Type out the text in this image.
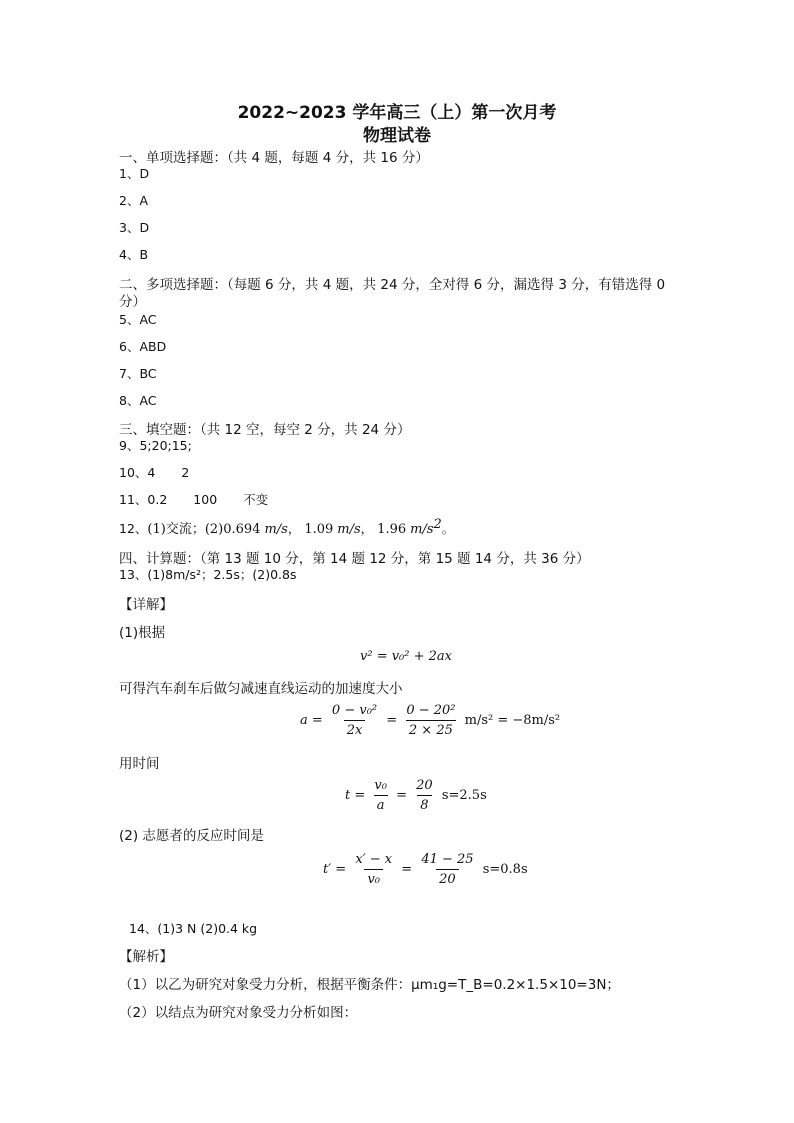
2022~2023 学年高三（上）第一次月考
物理试卷
一、单项选择题：（共 4 题，每题 4 分，共 16 分）
1、D
2、A
3、D
4、B
二、多项选择题：（每题 6 分，共 4 题，共 24 分，全对得 6 分，漏选得 3 分，有错选得 0
分）
5、AC
6、ABD
7、BC
8、AC
三、填空题：（共 12 空，每空 2 分，共 24 分）
9、5;20;15;
10、4 2
11、0.2 100 不变
12、(1)交流；(2)0.694 m/s， 1.09 m/s， 1.96 $m/s^2$。
四、计算题：（第 13 题 10 分，第 14 题 12 分，第 15 题 14 分，共 36 分）
13、(1)8m/s²；2.5s；(2)0.8s
【详解】
(1)根据
v² = v₀² + 2ax
可得汽车刹车后做匀减速直线运动的加速度大小
$a = \frac{\text{0 − v₀²}}{2x} = \frac{\text{0 − 20²}}{2 \times 25} m/s^2 = -8m/s^2$
用时间
$t = \frac{\text{v₀}}{a} = \frac{20}{8} s=2.5s$
(2) 志愿者的反应时间是
$t' = \frac{x' - x}{\text{v₀}} = \frac{41 - 25}{20} s=0.8s$
14、(1)3 N (2)0.4 kg
【解析】
（1）以乙为研究对象受力分析，根据平衡条件：μm₁g=T_B=0.2×1.5×10=3N；
（2）以结点为研究对象受力分析如图：
